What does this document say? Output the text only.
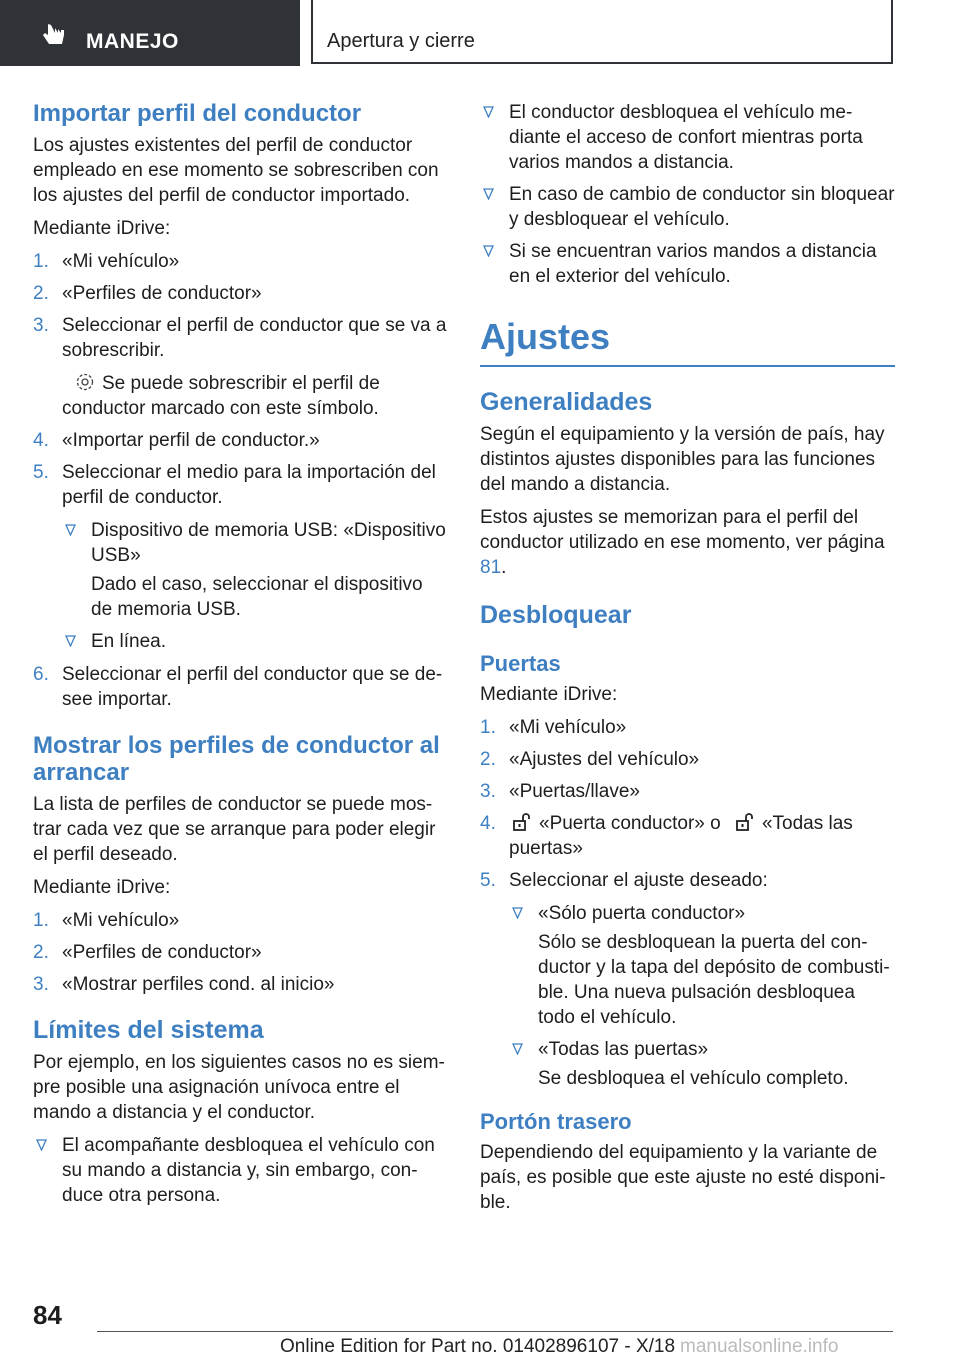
MANEJO	Apertura y cierre
Importar perfil del conductor

Los ajustes existentes del perfil de conductor empleado en ese momento se sobrescriben con los ajustes del perfil de conductor importado.

Mediante iDrive:

1. «Mi vehículo»
2. «Perfiles de conductor»
3. Seleccionar el perfil de conductor que se va a sobrescribir.
Se puede sobrescribir el perfil de conductor marcado con este símbolo.
4. «Importar perfil de conductor.»
5. Seleccionar el medio para la importación del perfil de conductor.
Dispositivo de memoria USB: «Dispositivo USB»
Dado el caso, seleccionar el dispositivo de memoria USB.
En línea.
6. Seleccionar el perfil del conductor que se desee importar.
Mostrar los perfiles de conductor al arrancar

La lista de perfiles de conductor se puede mostrar cada vez que se arranque para poder elegir el perfil deseado.

Mediante iDrive:

1. «Mi vehículo»
2. «Perfiles de conductor»
3. «Mostrar perfiles cond. al inicio»
Límites del sistema

Por ejemplo, en los siguientes casos no es siempre posible una asignación unívoca entre el mando a distancia y el conductor.

El acompañante desbloquea el vehículo con su mando a distancia y, sin embargo, conduce otra persona.
El conductor desbloquea el vehículo mediante el acceso de confort mientras porta varios mandos a distancia.
En caso de cambio de conductor sin bloquear y desbloquear el vehículo.
Si se encuentran varios mandos a distancia en el exterior del vehículo.
Ajustes
Generalidades

Según el equipamiento y la versión de país, hay distintos ajustes disponibles para las funciones del mando a distancia.

Estos ajustes se memorizan para el perfil del conductor utilizado en ese momento, ver página 81.

Desbloquear
Puertas

Mediante iDrive:

1. «Mi vehículo»
2. «Ajustes del vehículo»
3. «Puertas/llave»
4. «Puerta conductor» o «Todas las puertas»
5. Seleccionar el ajuste deseado:
«Sólo puerta conductor»
Sólo se desbloquean la puerta del conductor y la tapa del depósito de combustible. Una nueva pulsación desbloquea todo el vehículo.
«Todas las puertas»
Se desbloquea el vehículo completo.
Portón trasero

Dependiendo del equipamiento y la variante de país, es posible que este ajuste no esté disponible.

84
Online Edition for Part no. 01402896107 - X/18 manualsonline.info
